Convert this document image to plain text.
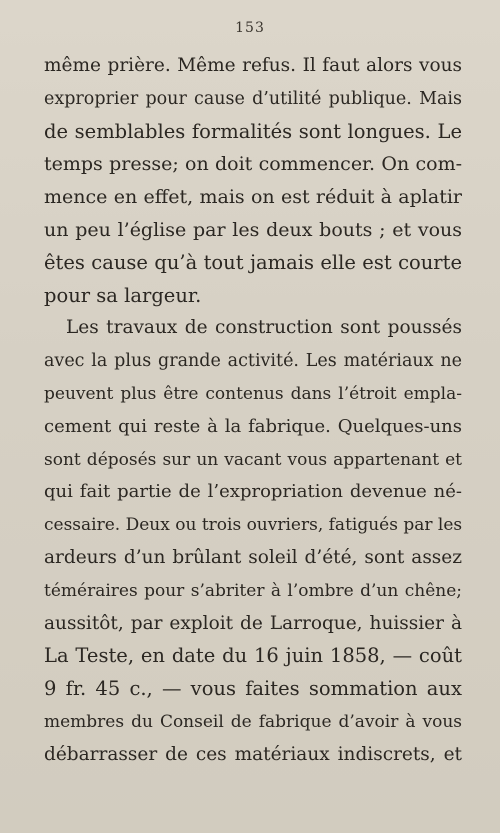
153
même prière. Même refus. Il faut alors vous
exproprier pour cause d’utilité publique. Mais
de semblables formalités sont longues. Le
temps presse; on doit commencer. On com-
mence en effet, mais on est réduit à aplatir
un peu l’église par les deux bouts ; et vous
êtes cause qu’à tout jamais elle est courte
pour sa largeur.
Les travaux de construction sont poussés
avec la plus grande activité. Les matériaux ne
peuvent plus être contenus dans l’étroit empla-
cement qui reste à la fabrique. Quelques-uns
sont déposés sur un vacant vous appartenant et
qui fait partie de l’expropriation devenue né-
cessaire. Deux ou trois ouvriers, fatigués par les
ardeurs d’un brûlant soleil d’été, sont assez
téméraires pour s’abriter à l’ombre d’un chêne;
aussitôt, par exploit de Larroque, huissier à
La Teste, en date du 16 juin 1858, — coût
9 fr. 45 c., — vous faites sommation aux
membres du Conseil de fabrique d’avoir à vous
débarrasser de ces matériaux indiscrets, et
